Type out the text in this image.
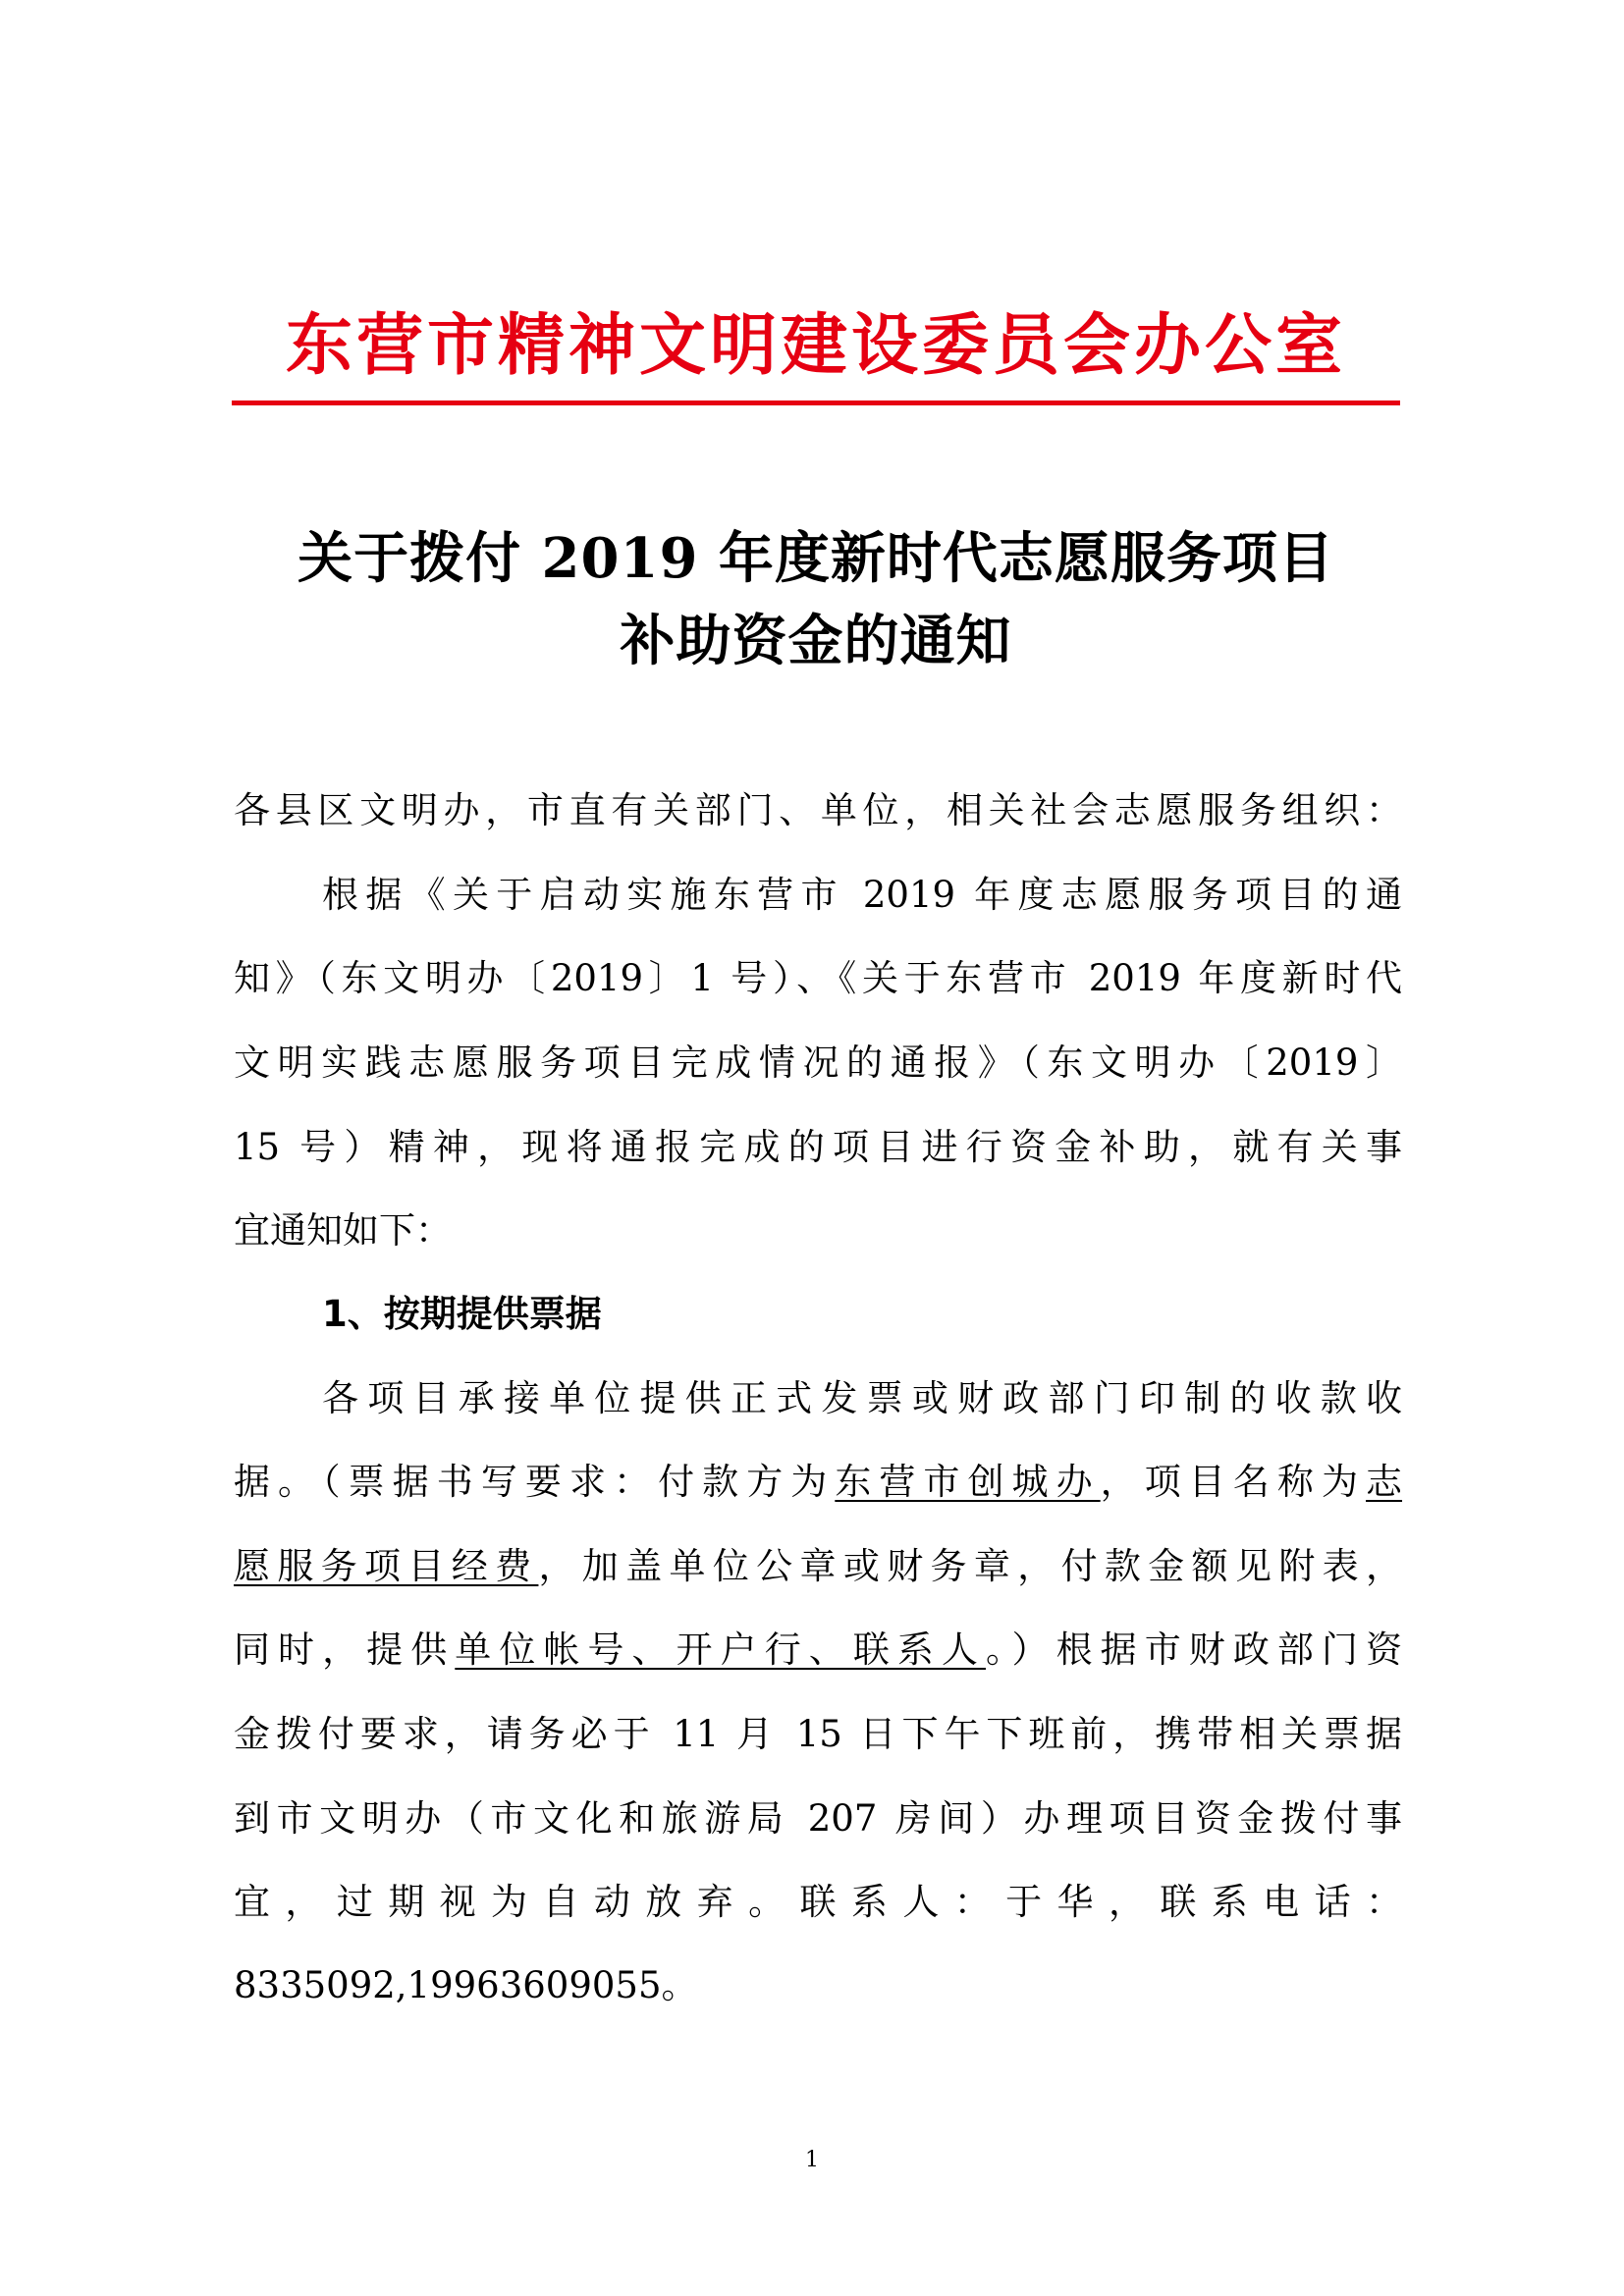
东营市精神文明建设委员会办公室
关于拨付 2019 年度新时代志愿服务项目
补助资金的通知
各县区文明办，市直有关部门、单位，相关社会志愿服务组织：
根据《关于启动实施东营市 2019 年度志愿服务项目的通
知》（东文明办〔2019〕1 号）、《关于东营市 2019 年度新时代
文明实践志愿服务项目完成情况的通报》（东文明办〔2019〕
15 号）精神，现将通报完成的项目进行资金补助，就有关事
宜通知如下：
1、按期提供票据
各项目承接单位提供正式发票或财政部门印制的收款收
据。（票据书写要求：付款方为东营市创城办，项目名称为志
愿服务项目经费，加盖单位公章或财务章，付款金额见附表，
同时，提供单位帐号、开户行、联系人。）根据市财政部门资
金拨付要求，请务必于 11 月 15 日下午下班前，携带相关票据
到市文明办（市文化和旅游局 207 房间）办理项目资金拨付事
宜，过期视为自动放弃。联系人：于华，联系电话：
8335092,19963609055。
1
